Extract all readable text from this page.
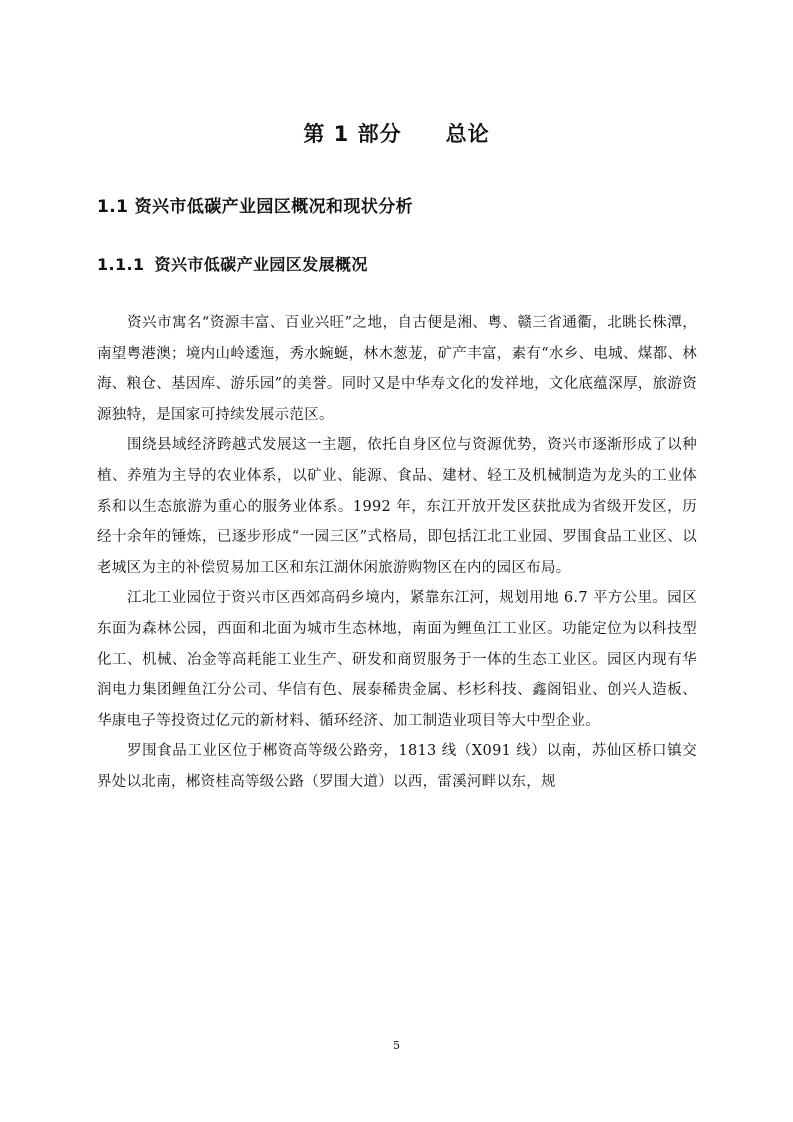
第 1 部分 总论
1.1 资兴市低碳产业园区概况和现状分析
1.1.1 资兴市低碳产业园区发展概况

资兴市寓名“资源丰富、百业兴旺”之地，自古便是湘、粤、赣三省通衢，北眺长株潭，南望粤港澳；境内山岭逶迤，秀水蜿蜒，林木葱茏，矿产丰富，素有“水乡、电城、煤都、林海、粮仓、基因库、游乐园”的美誉。同时又是中华寿文化的发祥地，文化底蕴深厚，旅游资源独特，是国家可持续发展示范区。

围绕县域经济跨越式发展这一主题，依托自身区位与资源优势，资兴市逐渐形成了以种植、养殖为主导的农业体系，以矿业、能源、食品、建材、轻工及机械制造为龙头的工业体系和以生态旅游为重心的服务业体系。1992 年，东江开放开发区获批成为省级开发区，历经十余年的锤炼，已逐步形成“一园三区”式格局，即包括江北工业园、罗围食品工业区、以老城区为主的补偿贸易加工区和东江湖休闲旅游购物区在内的园区布局。

江北工业园位于资兴市区西郊高码乡境内，紧靠东江河，规划用地 6.7 平方公里。园区东面为森林公园，西面和北面为城市生态林地，南面为鲤鱼江工业区。功能定位为以科技型化工、机械、冶金等高耗能工业生产、研发和商贸服务于一体的生态工业区。园区内现有华润电力集团鲤鱼江分公司、华信有色、展泰稀贵金属、杉杉科技、鑫阁铝业、创兴人造板、华康电子等投资过亿元的新材料、循环经济、加工制造业项目等大中型企业。

罗围食品工业区位于郴资高等级公路旁，1813 线（X091 线）以南，苏仙区桥口镇交界处以北南，郴资桂高等级公路（罗围大道）以西，雷溪河畔以东，规

5
